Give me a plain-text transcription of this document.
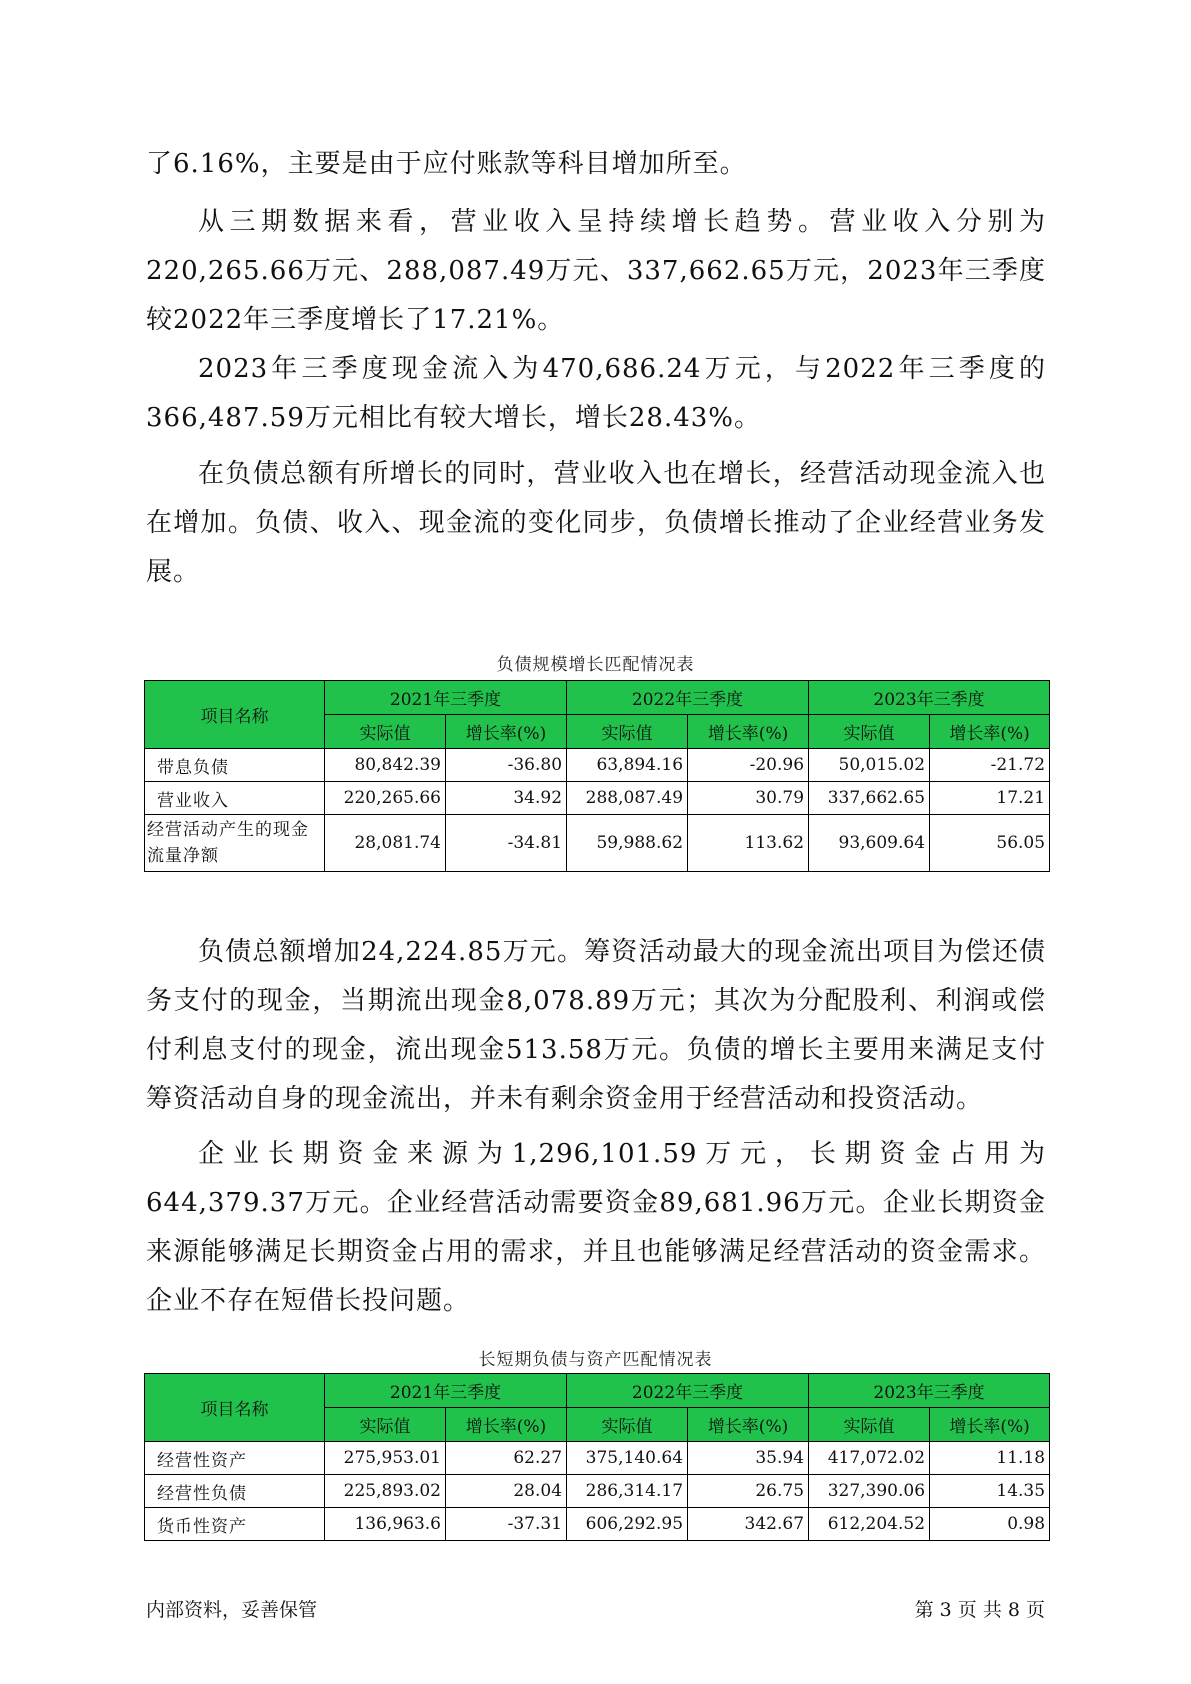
了6.16%，主要是由于应付账款等科目增加所至。

从三期数据来看，营业收入呈持续增长趋势。营业收入分别为220,265.66万元、288,087.49万元、337,662.65万元，2023年三季度较2022年三季度增长了17.21%。

2023年三季度现金流入为470,686.24万元，与2022年三季度的366,487.59万元相比有较大增长，增长28.43%。

在负债总额有所增长的同时，营业收入也在增长，经营活动现金流入也在增加。负债、收入、现金流的变化同步，负债增长推动了企业经营业务发展。

负债规模增长匹配情况表
项目名称	2021年三季度		2022年三季度		2023年三季度	
	实际值	增长率(%)	实际值	增长率(%)	实际值	增长率(%)
带息负债	80,842.39	-36.80	63,894.16	-20.96	50,015.02	-21.72
营业收入	220,265.66	34.92	288,087.49	30.79	337,662.65	17.21
经营活动产生的现金流量净额	28,081.74	-34.81	59,988.62	113.62	93,609.64	56.05

负债总额增加24,224.85万元。筹资活动最大的现金流出项目为偿还债务支付的现金，当期流出现金8,078.89万元；其次为分配股利、利润或偿付利息支付的现金，流出现金513.58万元。负债的增长主要用来满足支付筹资活动自身的现金流出，并未有剩余资金用于经营活动和投资活动。

企业长期资金来源为1,296,101.59万元，长期资金占用为644,379.37万元。企业经营活动需要资金89,681.96万元。企业长期资金来源能够满足长期资金占用的需求，并且也能够满足经营活动的资金需求。企业不存在短借长投问题。

长短期负债与资产匹配情况表
项目名称	2021年三季度		2022年三季度		2023年三季度	
	实际值	增长率(%)	实际值	增长率(%)	实际值	增长率(%)
经营性资产	275,953.01	62.27	375,140.64	35.94	417,072.02	11.18
经营性负债	225,893.02	28.04	286,314.17	26.75	327,390.06	14.35
货币性资产	136,963.6	-37.31	606,292.95	342.67	612,204.52	0.98
内部资料，妥善保管	第 3 页 共 8 页
